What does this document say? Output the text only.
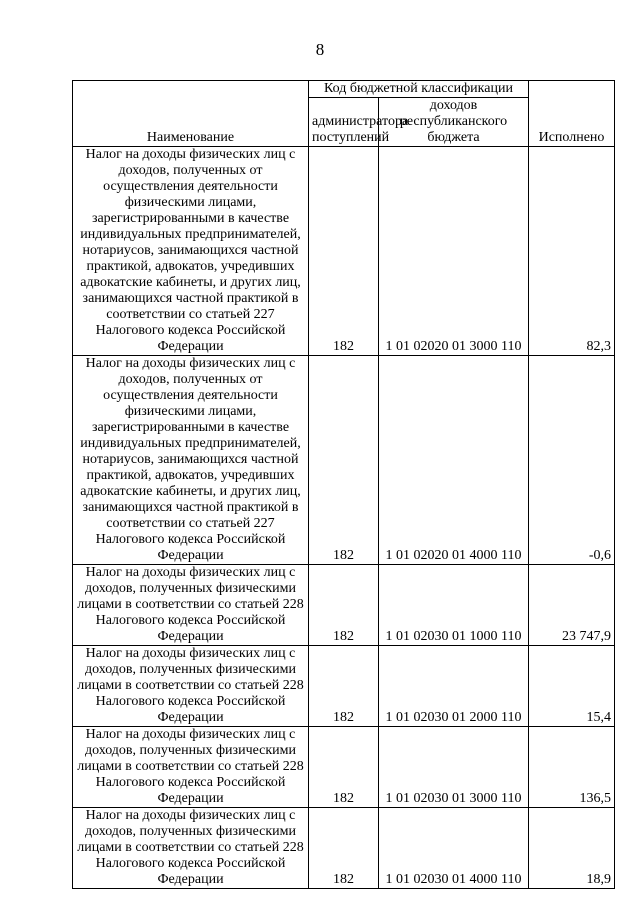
8
Наименование	Код бюджетной классификации		Исполнено
	администратора поступлений	доходов республиканского бюджета	
Налог на доходы физических лиц с доходов, полученных от осуществления деятельности физическими лицами, зарегистрированными в качестве индивидуальных предпринимателей, нотариусов, занимающихся частной практикой, адвокатов, учредивших адвокатские кабинеты, и других лиц, занимающихся частной практикой в соответствии со статьей 227 Налогового кодекса Российской Федерации	182	1 01 02020 01 3000 110	82,3
Налог на доходы физических лиц с доходов, полученных от осуществления деятельности физическими лицами, зарегистрированными в качестве индивидуальных предпринимателей, нотариусов, занимающихся частной практикой, адвокатов, учредивших адвокатские кабинеты, и других лиц, занимающихся частной практикой в соответствии со статьей 227 Налогового кодекса Российской Федерации	182	1 01 02020 01 4000 110	-0,6
Налог на доходы физических лиц с доходов, полученных физическими лицами в соответствии со статьей 228 Налогового кодекса Российской Федерации	182	1 01 02030 01 1000 110	23 747,9
Налог на доходы физических лиц с доходов, полученных физическими лицами в соответствии со статьей 228 Налогового кодекса Российской Федерации	182	1 01 02030 01 2000 110	15,4
Налог на доходы физических лиц с доходов, полученных физическими лицами в соответствии со статьей 228 Налогового кодекса Российской Федерации	182	1 01 02030 01 3000 110	136,5
Налог на доходы физических лиц с доходов, полученных физическими лицами в соответствии со статьей 228 Налогового кодекса Российской Федерации	182	1 01 02030 01 4000 110	18,9
